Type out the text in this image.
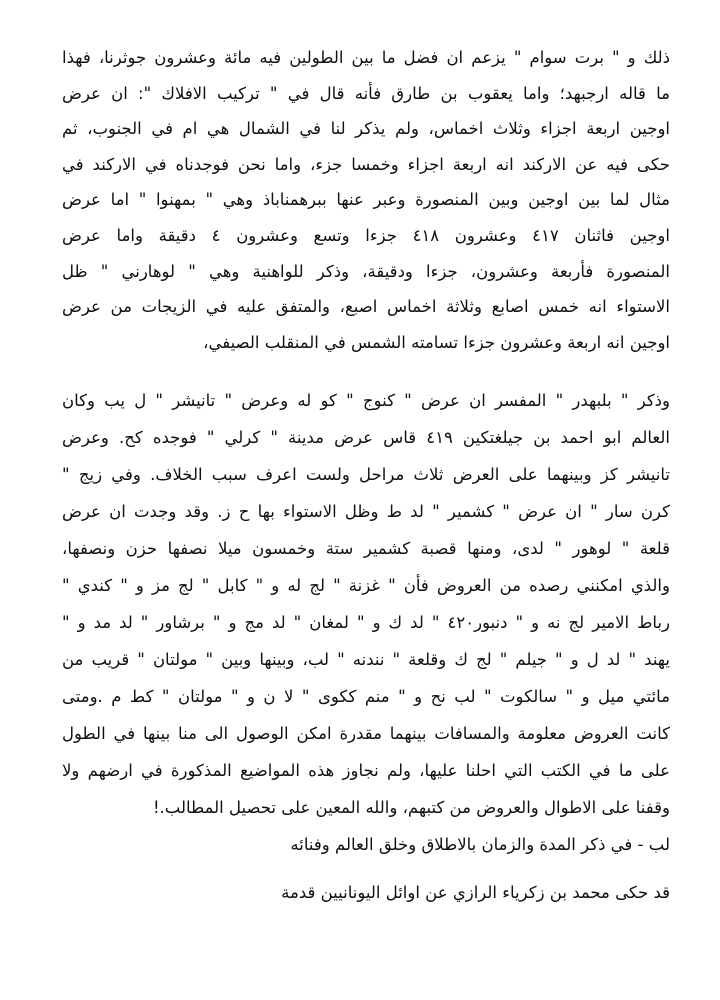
ذلك و " برت سوام " يزعم ان فضل ما بين الطولين فيه مائة وعشرون جوثرنا، فهذا
ما قاله ارجبهد؛ واما يعقوب بن طارق فأنه قال في " تركيب الافلاك ": ان عرض
اوجين اربعة اجزاء وثلاث اخماس، ولم يذكر لنا في الشمال هي ام في الجنوب، ثم
حكى فيه عن الاركند انه اربعة اجزاء وخمسا جزء، واما نحن فوجدناه في الاركند في
مثال لما بين اوجين وبين المنصورة وعبر عنها ببرهمناباذ وهي " بمهنوا " اما عرض
اوجين فاثنان ٤١٧ وعشرون ٤١٨ جزءا وتسع وعشرون ٤ دقيقة واما عرض
المنصورة فأربعة وعشرون، جزءا ودقيقة، وذكر للواهنية وهي " لوهارني " ظل
الاستواء انه خمس اصابع وثلاثة اخماس اصبع، والمتفق عليه في الزيجات من عرض
اوجين انه اربعة وعشرون جزءا تسامته الشمس في المنقلب الصيفي،
وذكر " بلبهدر " المفسر ان عرض " كنوج " كو له وعرض " تانيشر " ل يب وكان
العالم ابو احمد بن جيلغتكين ٤١٩ قاس عرض مدينة " كرلي " فوجده كح. وعرض
تانيشر كز وبينهما على العرض ثلاث مراحل ولست اعرف سبب الخلاف. وفي زيج "
كرن سار " ان عرض " كشمير " لد ط وظل الاستواء بها ح ز. وقد وجدت ان عرض
قلعة " لوهور " لدى، ومنها قصبة كشمير ستة وخمسون ميلا نصفها حزن ونصفها،
والذي امكنني رصده من العروض فأن " غزنة " لج له و " كابل " لج مز و " كندي "
رباط الامير لج نه و " دنبور٤٢٠ " لد ك و " لمغان " لد مج و " برشاور " لد مد و "
يهند " لد ل و " جيلم " لج ك وقلعة " نندنه " لب، وبينها وبين " مولتان " قريب من
مائتي ميل و " سالكوت " لب نح و " منم ككوى " لا ن و " مولتان " كط م .ومتى
كانت العروض معلومة والمسافات بينهما مقدرة امكن الوصول الى منا بينها في الطول
على ما في الكتب التي احلنا عليها، ولم نجاوز هذه المواضيع المذكورة في ارضهم ولا
وقفنا على الاطوال والعروض من كتبهم، والله المعين على تحصيل المطالب.!
لب - في ذكر المدة والزمان بالاطلاق وخلق العالم وفنائه
قد حكى محمد بن زكرياء الرازي عن اوائل اليونانيين قدمة
